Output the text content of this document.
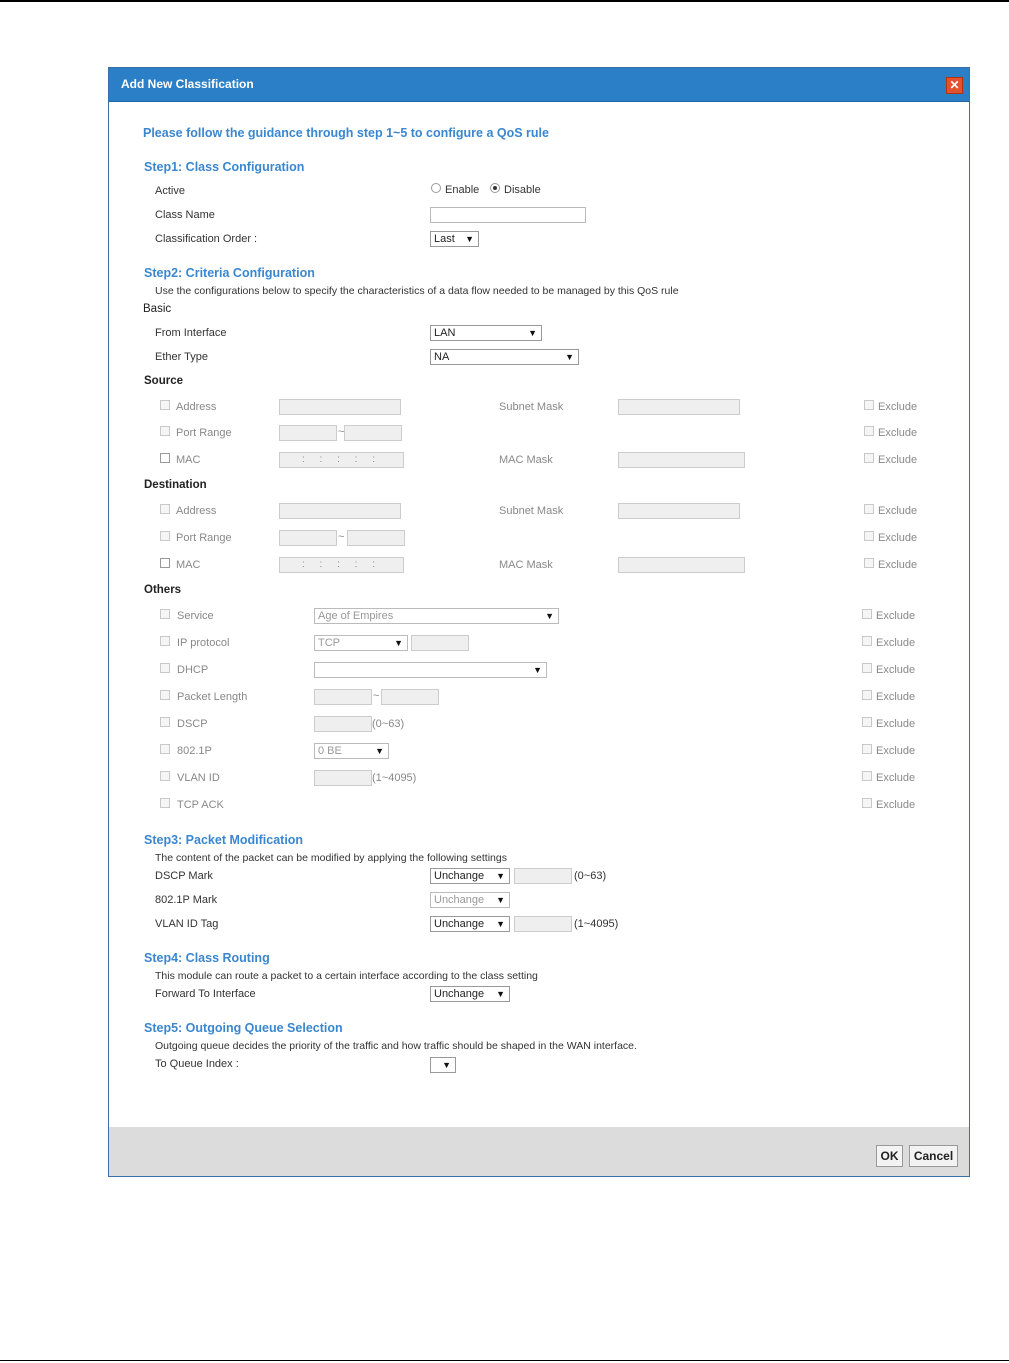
Add New Classification	✕
Please follow the guidance through step 1~5 to configure a QoS rule
Step1: Class Configuration
Active	Enable Disable
Class Name
Classification Order :	Last ▼
Step2: Criteria Configuration
Use the configurations below to specify the characteristics of a data flow needed to be managed by this QoS rule
Basic
From Interface	LAN	▼
Ether Type	NA	▼
Source
Address	Subnet Mask	Exclude
Port Range	~	Exclude
MAC	: : : : :	MAC Mask	Exclude
Destination
Address	Subnet Mask	Exclude
Port Range	~	Exclude
MAC	: : : : :	MAC Mask	Exclude
Others
Service	Age of Empires	▼	Exclude
IP protocol	TCP	▼	Exclude
DHCP	▼	Exclude
Packet Length	~	Exclude
DSCP	(0~63)	Exclude
802.1P	0 BE	▼	Exclude
VLAN ID	(1~4095)	Exclude
TCP ACK	Exclude
Step3: Packet Modification
The content of the packet can be modified by applying the following settings
DSCP Mark	Unchange ▼	(0~63)
802.1P Mark	Unchange ▼
VLAN ID Tag	Unchange ▼	(1~4095)
Step4: Class Routing
This module can route a packet to a certain interface according to the class setting
Forward To Interface	Unchange ▼
Step5: Outgoing Queue Selection
Outgoing queue decides the priority of the traffic and how traffic should be shaped in the WAN interface.
To Queue Index :	▼
OK	Cancel
